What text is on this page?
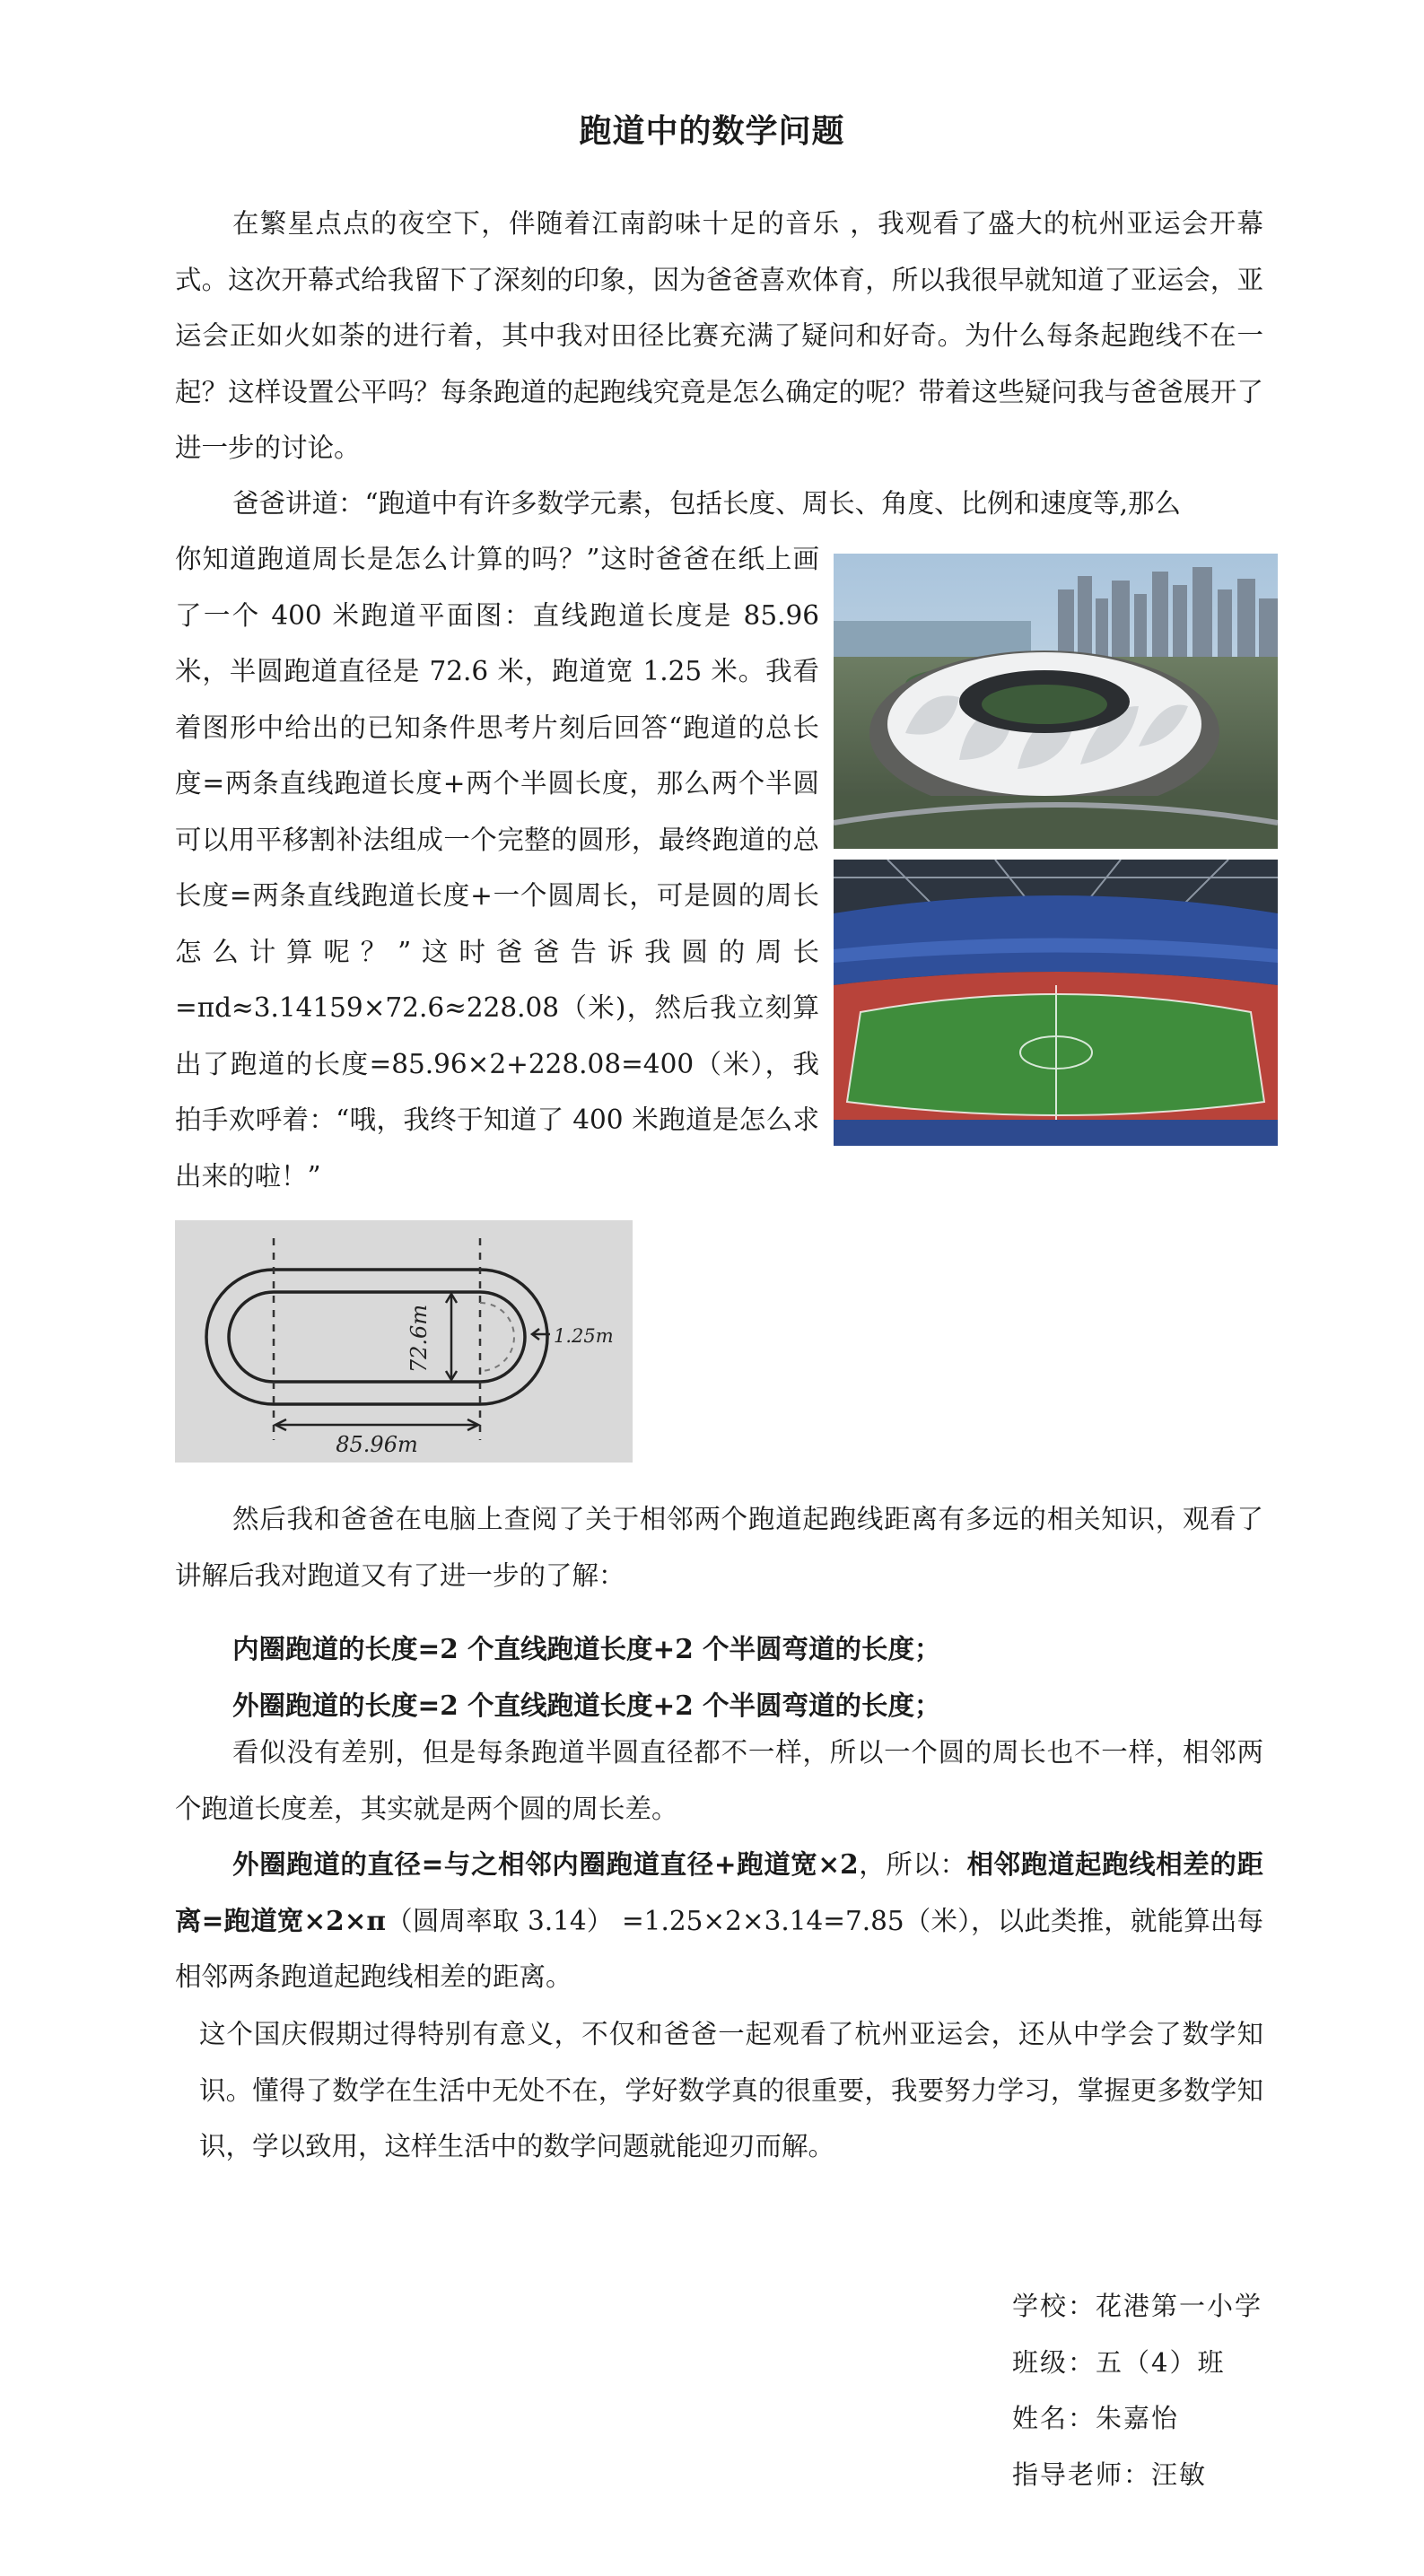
跑道中的数学问题

在繁星点点的夜空下，伴随着江南韵味十足的音乐 ，我观看了盛大的杭州亚运会开幕式。这次开幕式给我留下了深刻的印象，因为爸爸喜欢体育，所以我很早就知道了亚运会，亚运会正如火如荼的进行着，其中我对田径比赛充满了疑问和好奇。为什么每条起跑线不在一起？这样设置公平吗？每条跑道的起跑线究竟是怎么确定的呢？带着这些疑问我与爸爸展开了进一步的讨论。

爸爸讲道：“跑道中有许多数学元素，包括长度、周长、角度、比例和速度等,那么

你知道跑道周长是怎么计算的吗？”这时爸爸在纸上画了一个 400 米跑道平面图：直线跑道长度是 85.96 米，半圆跑道直径是 72.6 米，跑道宽 1.25 米。我看着图形中给出的已知条件思考片刻后回答“跑道的总长度=两条直线跑道长度+两个半圆长度，那么两个半圆可以用平移割补法组成一个完整的圆形，最终跑道的总长度=两条直线跑道长度+一个圆周长，可是圆的周长怎么计算呢？”这时爸爸告诉我圆的周长=πd≈3.14159×72.6≈228.08（米)，然后我立刻算出了跑道的长度=85.96×2+228.08=400（米），我拍手欢呼着：“哦，我终于知道了 400 米跑道是怎么求出来的啦！”

72.6m	1.25m
85.96m

然后我和爸爸在电脑上查阅了关于相邻两个跑道起跑线距离有多远的相关知识，观看了讲解后我对跑道又有了进一步的了解：

内圈跑道的长度=2 个直线跑道长度+2 个半圆弯道的长度；

外圈跑道的长度=2 个直线跑道长度+2 个半圆弯道的长度；

看似没有差别，但是每条跑道半圆直径都不一样，所以一个圆的周长也不一样，相邻两个跑道长度差，其实就是两个圆的周长差。

外圈跑道的直径=与之相邻内圈跑道直径+跑道宽×2，所以：相邻跑道起跑线相差的距离=跑道宽×2×π（圆周率取 3.14） =1.25×2×3.14=7.85（米），以此类推，就能算出每相邻两条跑道起跑线相差的距离。

这个国庆假期过得特别有意义，不仅和爸爸一起观看了杭州亚运会，还从中学会了数学知识。懂得了数学在生活中无处不在，学好数学真的很重要，我要努力学习，掌握更多数学知识，学以致用，这样生活中的数学问题就能迎刃而解。

学校：花港第一小学

班级：五（4）班

姓名：朱嘉怡

指导老师：汪敏
